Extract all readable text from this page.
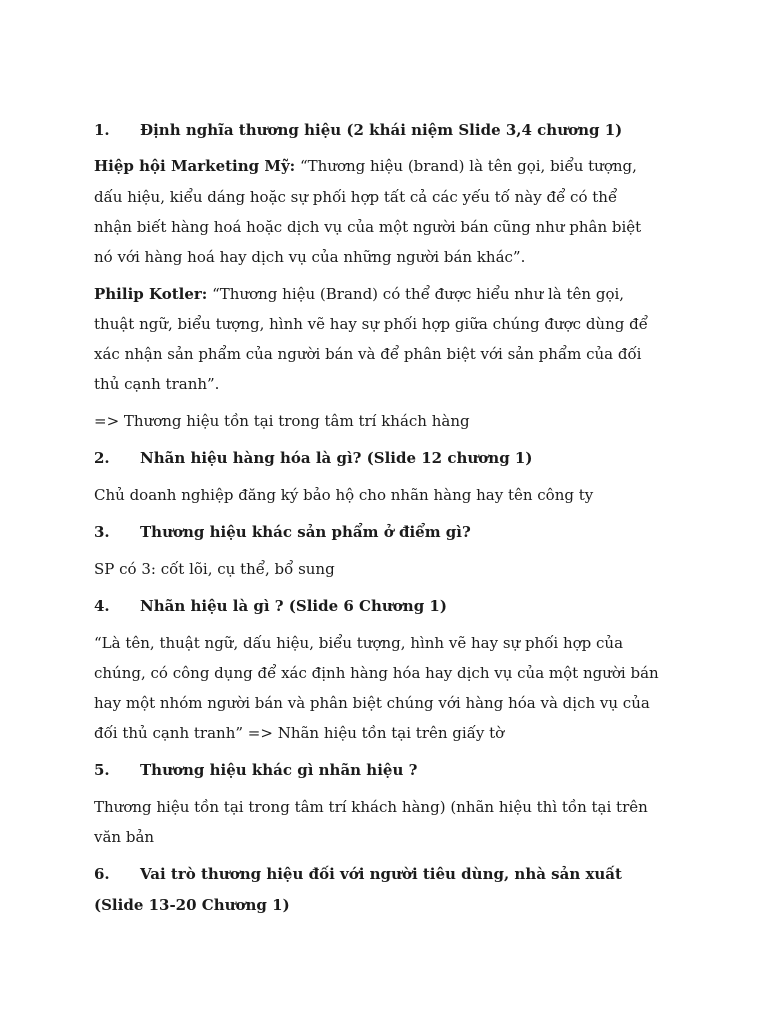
1. Định nghĩa thương hiệu (2 khái niệm Slide 3,4 chương 1)
Hiệp hội Marketing Mỹ: “Thương hiệu (brand) là tên gọi, biểu tượng,
dấu hiệu, kiểu dáng hoặc sự phối hợp tất cả các yếu tố này để có thể
nhận biết hàng hoá hoặc dịch vụ của một người bán cũng như phân biệt
nó với hàng hoá hay dịch vụ của những người bán khác”.
Philip Kotler: “Thương hiệu (Brand) có thể được hiểu như là tên gọi,
thuật ngữ, biểu tượng, hình vẽ hay sự phối hợp giữa chúng được dùng để
xác nhận sản phẩm của người bán và để phân biệt với sản phẩm của đối
thủ cạnh tranh”.
=> Thương hiệu tồn tại trong tâm trí khách hàng
2. Nhãn hiệu hàng hóa là gì? (Slide 12 chương 1)
Chủ doanh nghiệp đăng ký bảo hộ cho nhãn hàng hay tên công ty
3. Thương hiệu khác sản phẩm ở điểm gì?
SP có 3: cốt lõi, cụ thể, bổ sung
4. Nhãn hiệu là gì ? (Slide 6 Chương 1)
“Là tên, thuật ngữ, dấu hiệu, biểu tượng, hình vẽ hay sự phối hợp của
chúng, có công dụng để xác định hàng hóa hay dịch vụ của một người bán
hay một nhóm người bán và phân biệt chúng với hàng hóa và dịch vụ của
đối thủ cạnh tranh” => Nhãn hiệu tồn tại trên giấy tờ
5. Thương hiệu khác gì nhãn hiệu ?
Thương hiệu tồn tại trong tâm trí khách hàng) (nhãn hiệu thì tồn tại trên
văn bản
6. Vai trò thương hiệu đối với người tiêu dùng, nhà sản xuất
(Slide 13-20 Chương 1)
